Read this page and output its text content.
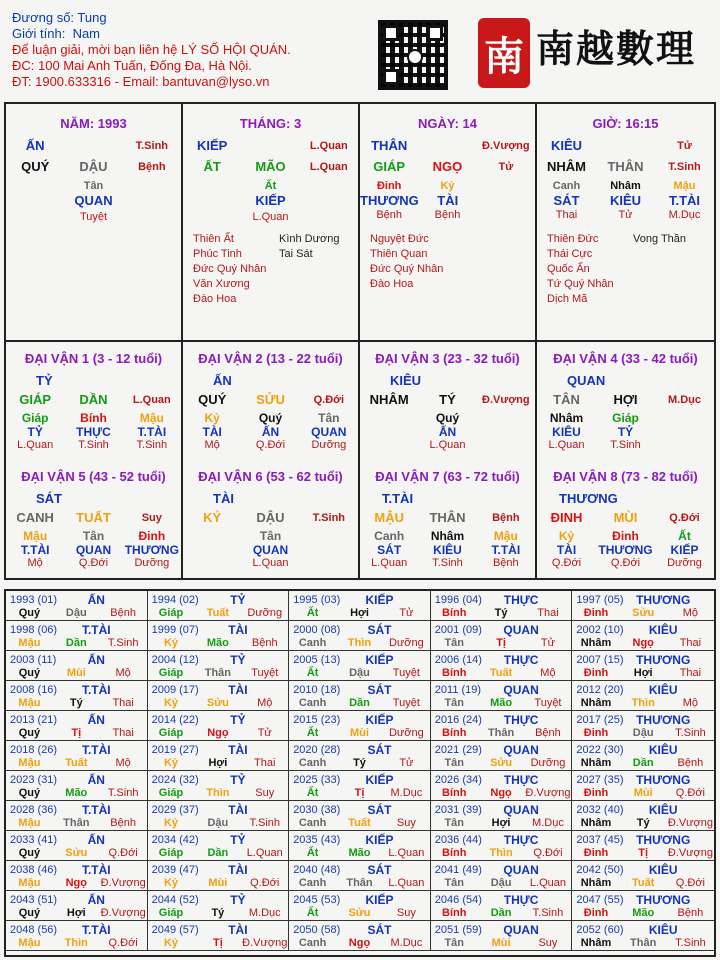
Đương số: Tung
Giới tính: Nam
Để luận giải, mời bạn liên hệ LÝ SỐ HỘI QUÁN.
ĐC: 100 Mai Anh Tuấn, Đống Đa, Hà Nội.
ĐT: 1900.633316 - Email: bantuvan@lyso.vn
南 南越數理
NĂM: 1993
ẤN	T.Sinh
QUÝ	DẬU	Bệnh
Tân
QUAN
Tuyệt
THÁNG: 3
KIẾP	L.Quan
ẤT	MÃO	L.Quan
Ất
KIẾP
L.Quan
Thiên Ất
Phúc Tinh
Đức Quý Nhân
Văn Xương
Đào Hoa
Kình Dương
Tai Sát
NGÀY: 14
THÂN	Đ.Vượng
GIÁP	NGỌ	Tử
Đinh	Kỷ
THƯƠNG	TÀI
Bệnh	Bệnh
Nguyệt Đức
Thiên Quan
Đức Quý Nhân
Đào Hoa
GIỜ: 16:15
KIÊU	Tử
NHÂM	THÂN	T.Sinh
Canh	Nhâm	Mậu
SÁT	KIÊU	T.TÀI
Thai	Tử	M.Dục
Thiên Đức
Thái Cực
Quốc Ấn
Tứ Quý Nhân
Dịch Mã
Vong Thần
ĐẠI VẬN 1 (3 - 12 tuổi)
TỶ
GIÁP	DẦN	L.Quan
Giáp	Bính	Mậu
TỶ	THỰC	T.TÀI
L.Quan	T.Sinh	T.Sinh
ĐẠI VẬN 2 (13 - 22 tuổi)
ẤN
QUÝ	SỬU	Q.Đới
Kỷ	Quý	Tân
TÀI	ẤN	QUAN
Mộ	Q.Đới	Dưỡng
ĐẠI VẬN 3 (23 - 32 tuổi)
KIÊU
NHÂM	TÝ	Đ.Vượng
Quý
ẤN
L.Quan
ĐẠI VẬN 4 (33 - 42 tuổi)
QUAN
TÂN	HỢI	M.Dục
Nhâm	Giáp
KIÊU	TỶ
L.Quan	T.Sinh
ĐẠI VẬN 5 (43 - 52 tuổi)
SÁT
CANH	TUẤT	Suy
Mậu	Tân	Đinh
T.TÀI	QUAN	THƯƠNG
Mộ	Q.Đới	Dưỡng
ĐẠI VẬN 6 (53 - 62 tuổi)
TÀI
KỶ	DẬU	T.Sinh
Tân
QUAN
L.Quan
ĐẠI VẬN 7 (63 - 72 tuổi)
T.TÀI
MẬU	THÂN	Bệnh
Canh	Nhâm	Mậu
SÁT	KIÊU	T.TÀI
L.Quan	T.Sinh	Bệnh
ĐẠI VẬN 8 (73 - 82 tuổi)
THƯƠNG
ĐINH	MÙI	Q.Đới
Kỷ	Đinh	Ất
TÀI	THƯƠNG	KIẾP
Q.Đới	Q.Đới	Dưỡng
1993 (01)	ẤN
Quý	Dậu	Bệnh
1994 (02)	TỶ
Giáp	Tuất	Dưỡng
1995 (03)	KIẾP
Ất	Hợi	Tử
1996 (04)	THỰC
Bính	Tý	Thai
1997 (05)	THƯƠNG
Đinh	Sửu	Mộ
1998 (06)	T.TÀI
Mậu	Dần	T.Sinh
1999 (07)	TÀI
Kỷ	Mão	Bệnh
2000 (08)	SÁT
Canh	Thìn	Dưỡng
2001 (09)	QUAN
Tân	Tị	Tử
2002 (10)	KIÊU
Nhâm	Ngọ	Thai
2003 (11)	ẤN
Quý	Mùi	Mộ
2004 (12)	TỶ
Giáp	Thân	Tuyệt
2005 (13)	KIẾP
Ất	Dậu	Tuyệt
2006 (14)	THỰC
Bính	Tuất	Mộ
2007 (15)	THƯƠNG
Đinh	Hợi	Thai
2008 (16)	T.TÀI
Mậu	Tý	Thai
2009 (17)	TÀI
Kỷ	Sửu	Mộ
2010 (18)	SÁT
Canh	Dần	Tuyệt
2011 (19)	QUAN
Tân	Mão	Tuyệt
2012 (20)	KIÊU
Nhâm	Thìn	Mộ
2013 (21)	ẤN
Quý	Tị	Thai
2014 (22)	TỶ
Giáp	Ngọ	Tử
2015 (23)	KIẾP
Ất	Mùi	Dưỡng
2016 (24)	THỰC
Bính	Thân	Bệnh
2017 (25)	THƯƠNG
Đinh	Dậu	T.Sinh
2018 (26)	T.TÀI
Mậu	Tuất	Mộ
2019 (27)	TÀI
Kỷ	Hợi	Thai
2020 (28)	SÁT
Canh	Tý	Tử
2021 (29)	QUAN
Tân	Sửu	Dưỡng
2022 (30)	KIÊU
Nhâm	Dần	Bệnh
2023 (31)	ẤN
Quý	Mão	T.Sinh
2024 (32)	TỶ
Giáp	Thìn	Suy
2025 (33)	KIẾP
Ất	Tị	M.Dục
2026 (34)	THỰC
Bính	Ngọ	Đ.Vượng
2027 (35)	THƯƠNG
Đinh	Mùi	Q.Đới
2028 (36)	T.TÀI
Mậu	Thân	Bệnh
2029 (37)	TÀI
Kỷ	Dậu	T.Sinh
2030 (38)	SÁT
Canh	Tuất	Suy
2031 (39)	QUAN
Tân	Hợi	M.Dục
2032 (40)	KIÊU
Nhâm	Tý	Đ.Vượng
2033 (41)	ẤN
Quý	Sửu	Q.Đới
2034 (42)	TỶ
Giáp	Dần	L.Quan
2035 (43)	KIẾP
Ất	Mão	L.Quan
2036 (44)	THỰC
Bính	Thìn	Q.Đới
2037 (45)	THƯƠNG
Đinh	Tị	Đ.Vượng
2038 (46)	T.TÀI
Mậu	Ngọ	Đ.Vượng
2039 (47)	TÀI
Kỷ	Mùi	Q.Đới
2040 (48)	SÁT
Canh	Thân	L.Quan
2041 (49)	QUAN
Tân	Dậu	L.Quan
2042 (50)	KIÊU
Nhâm	Tuất	Q.Đới
2043 (51)	ẤN
Quý	Hợi	Đ.Vượng
2044 (52)	TỶ
Giáp	Tý	M.Dục
2045 (53)	KIẾP
Ất	Sửu	Suy
2046 (54)	THỰC
Bính	Dần	T.Sinh
2047 (55)	THƯƠNG
Đinh	Mão	Bệnh
2048 (56)	T.TÀI
Mậu	Thìn	Q.Đới
2049 (57)	TÀI
Kỷ	Tị	Đ.Vượng
2050 (58)	SÁT
Canh	Ngọ	M.Dục
2051 (59)	QUAN
Tân	Mùi	Suy
2052 (60)	KIÊU
Nhâm	Thân	T.Sinh
